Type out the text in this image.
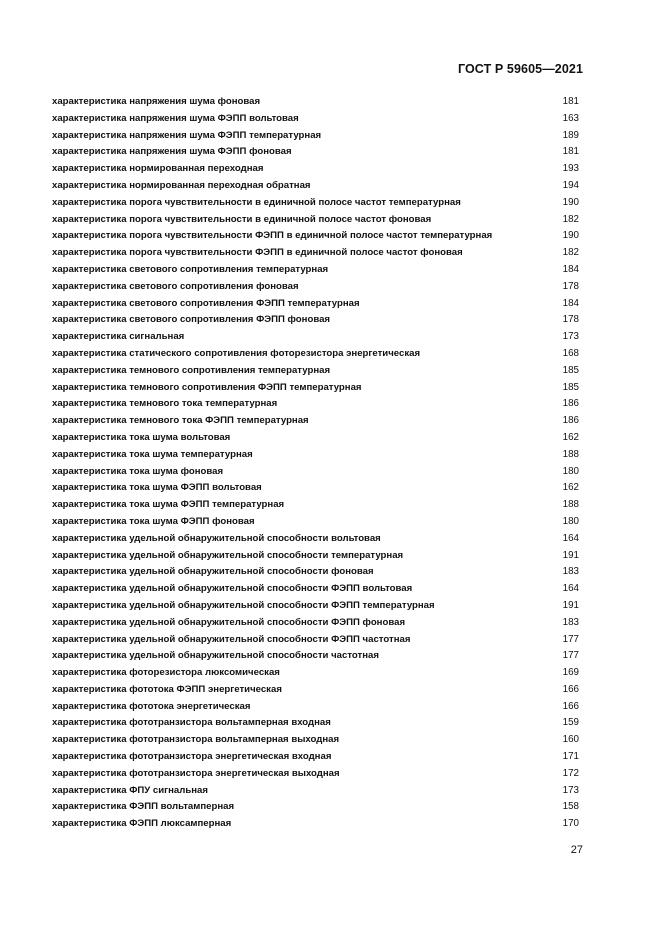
ГОСТ Р 59605—2021
характеристика напряжения шума фоновая	181
характеристика напряжения шума ФЭПП вольтовая	163
характеристика напряжения шума ФЭПП температурная	189
характеристика напряжения шума ФЭПП фоновая	181
характеристика нормированная переходная	193
характеристика нормированная переходная обратная	194
характеристика порога чувствительности в единичной полосе частот температурная	190
характеристика порога чувствительности в единичной полосе частот фоновая	182
характеристика порога чувствительности ФЭПП в единичной полосе частот температурная	190
характеристика порога чувствительности ФЭПП в единичной полосе частот фоновая	182
характеристика светового сопротивления температурная	184
характеристика светового сопротивления фоновая	178
характеристика светового сопротивления ФЭПП температурная	184
характеристика светового сопротивления ФЭПП фоновая	178
характеристика сигнальная	173
характеристика статического сопротивления фоторезистора энергетическая	168
характеристика темнового сопротивления температурная	185
характеристика темнового сопротивления ФЭПП температурная	185
характеристика темнового тока температурная	186
характеристика темнового тока ФЭПП температурная	186
характеристика тока шума вольтовая	162
характеристика тока шума температурная	188
характеристика тока шума фоновая	180
характеристика тока шума ФЭПП вольтовая	162
характеристика тока шума ФЭПП температурная	188
характеристика тока шума ФЭПП фоновая	180
характеристика удельной обнаружительной способности вольтовая	164
характеристика удельной обнаружительной способности температурная	191
характеристика удельной обнаружительной способности фоновая	183
характеристика удельной обнаружительной способности ФЭПП вольтовая	164
характеристика удельной обнаружительной способности ФЭПП температурная	191
характеристика удельной обнаружительной способности ФЭПП фоновая	183
характеристика удельной обнаружительной способности ФЭПП частотная	177
характеристика удельной обнаружительной способности частотная	177
характеристика фоторезистора люксомическая	169
характеристика фототока ФЭПП энергетическая	166
характеристика фототока энергетическая	166
характеристика фототранзистора вольтамперная входная	159
характеристика фототранзистора вольтамперная выходная	160
характеристика фототранзистора энергетическая входная	171
характеристика фототранзистора энергетическая выходная	172
характеристика ФПУ сигнальная	173
характеристика ФЭПП вольтамперная	158
характеристика ФЭПП люксамперная	170
27
